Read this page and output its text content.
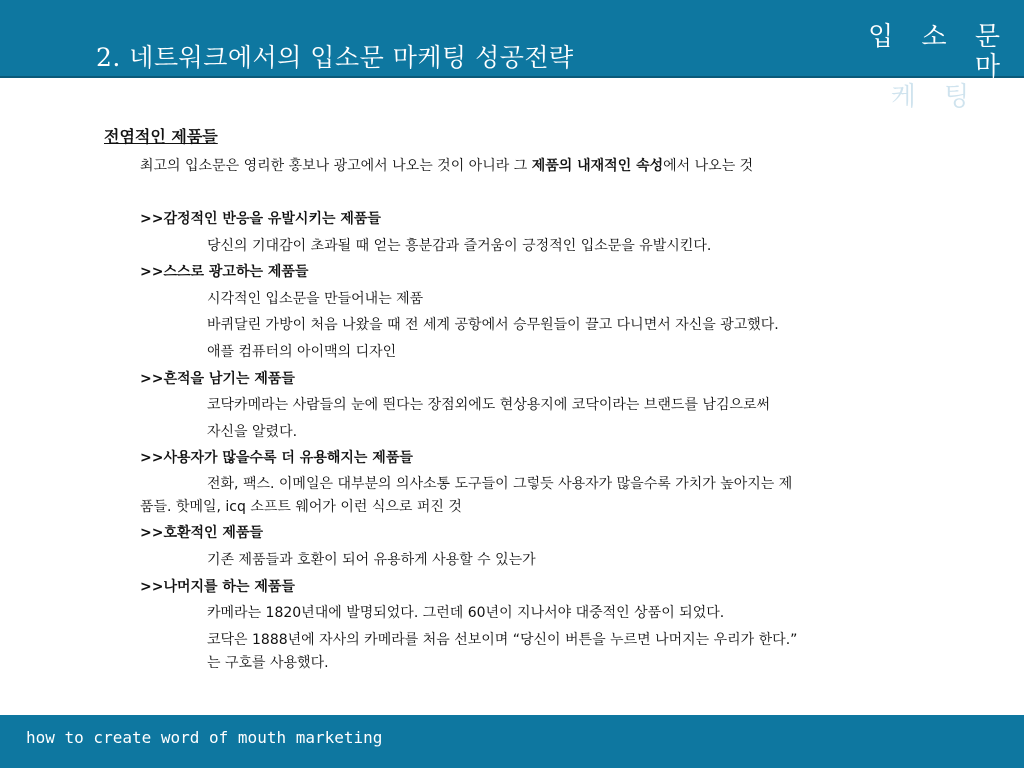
2. 네트워크에서의 입소문 마케팅 성공전략
입 소 문 마
케 팅
전염적인 제품들
최고의 입소문은 영리한 홍보나 광고에서 나오는 것이 아니라 그 제품의 내재적인 속성에서 나오는 것
>>감정적인 반응을 유발시키는 제품들
당신의 기대감이 초과될 때 얻는 흥분감과 즐거움이 긍정적인 입소문을 유발시킨다.
>>스스로 광고하는 제품들
시각적인 입소문을 만들어내는 제품
바퀴달린 가방이 처음 나왔을 때 전 세계 공항에서 승무원들이 끌고 다니면서 자신을 광고했다.
애플 컴퓨터의 아이맥의 디자인
>>흔적을 남기는 제품들
코닥카메라는 사람들의 눈에 띈다는 장점외에도 현상용지에 코닥이라는 브랜드를 남김으로써
자신을 알렸다.
>>사용자가 많을수록 더 유용해지는 제품들
전화, 팩스. 이메일은 대부분의 의사소통 도구들이 그렇듯 사용자가 많을수록 가치가 높아지는 제
품들. 핫메일, icq 소프트 웨어가 이런 식으로 퍼진 것
>>호환적인 제품들
기존 제품들과 호환이 되어 유용하게 사용할 수 있는가
>>나머지를 하는 제품들
카메라는 1820년대에 발명되었다. 그런데 60년이 지나서야 대중적인 상품이 되었다.
코닥은 1888년에 자사의 카메라를 처음 선보이며 “당신이 버튼을 누르면 나머지는 우리가 한다.”
는 구호를 사용했다.
how to create word of mouth marketing
